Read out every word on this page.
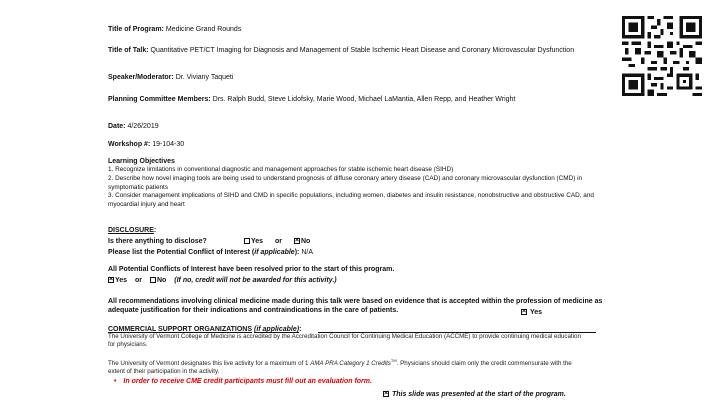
Title of Program: Medicine Grand Rounds
Title of Talk: Quantitative PET/CT Imaging for Diagnosis and Management of Stable Ischemic Heart Disease and Coronary Microvascular Dysfunction
Speaker/Moderator: Dr. Viviany Taqueti
Planning Committee Members: Drs. Ralph Budd, Steve Lidofsky, Marie Wood, Michael LaMantia, Allen Repp, and Heather Wright
Date: 4/26/2019
Workshop #: 19-104-30
Learning Objectives
1. Recognize limitations in conventional diagnostic and management approaches for stable ischemic heart disease (SIHD)
2. Describe how novel imaging tools are being used to understand prognosis of diffuse coronary artery disease (CAD) and coronary microvascular dysfunction (CMD) in symptomatic patients
3. Consider management implications of SIHD and CMD in specific populations, including women, diabetes and insulin resistance, nonobstructive and obstructive CAD, and myocardial injury and heart
DISCLOSURE:
Is there anything to disclose?	Yes or ×	No
Please list the Potential Conflict of Interest (if applicable): N/A
All Potential Conflicts of Interest have been resolved prior to the start of this program.
×Yes or No (If no, credit will not be awarded for this activity.)
All recommendations involving clinical medicine made during this talk were based on evidence that is accepted within the profession of medicine as adequate justification for their indications and contraindications in the care of patients. ×	Yes
COMMERCIAL SUPPORT ORGANIZATIONS (if applicable):
The University of Vermont College of Medicine is accredited by the Accreditation Council for Continuing Medical Education (ACCME) to provide continuing medical education for physicians.
The University of Vermont designates this live activity for a maximum of 1 AMA PRA Category 1 Credits™. Physicians should claim only the credit commensurate with the extent of their participation in the activity.
• In order to receive CME credit participants must fill out an evaluation form.
× This slide was presented at the start of the program.
